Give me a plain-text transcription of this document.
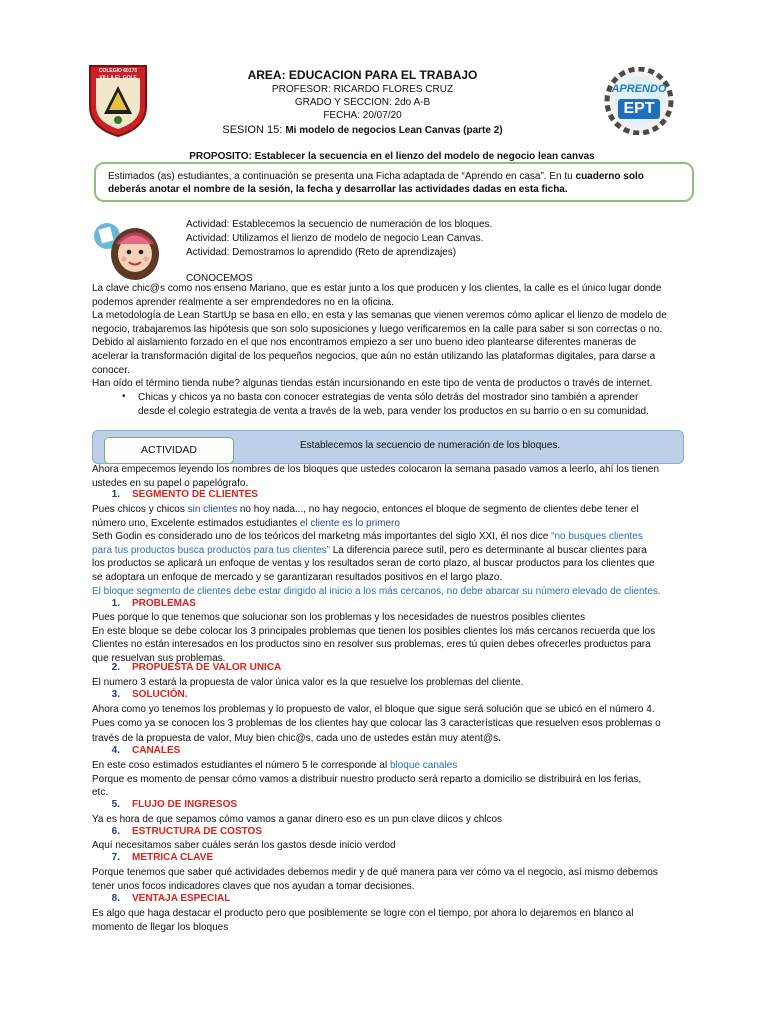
COLEGIO 60175
VILLA EL GOLF	AREA: EDUCACION PARA EL TRABAJO
PROFESOR: RICARDO FLORES CRUZ
GRADO Y SECCION: 2do A-B
FECHA: 20/07/20
SESION 15: Mi modelo de negocios Lean Canvas (parte 2)
APRENDO
EPT
PROPOSITO: Establecer la secuencia en el lienzo del modelo de negocio lean canvas
Estimados (as) estudiantes, a continuación se presenta una Ficha adaptada de “Aprendo en casa”. En tu cuaderno solo deberás anotar el nombre de la sesión, la fecha y desarrollar las actividades dadas en esta ficha.
Actividad: Establecemos la secuencio de numeración de los bloques.
Actividad: Utilizamos el lienzo de modelo de negocio Lean Canvas.
Actividad: Demostramos lo aprendido (Reto de aprendizajes)
CONOCEMOS
La clave chic@s como nos enseno Mariano, que es estar junto a los que producen y los clientes, la calle es el único lugar donde
podemos aprender realmente a ser emprendedores no en la oficina.
La metodología de Lean StartUp se basa en ello, en esta y las semanas que vienen veremos cómo aplicar el lienzo de modelo de
negocio, trabajaremos las hipótesis que son solo suposiciones y luego verificaremos en la calle para saber si son correctas o no.
Debido al aislamiento forzado en el que nos encontramos empiezo a ser uno bueno ideo plantearse diferentes maneras de
acelerar la transformación digital de los pequeños negocios, que aún no están utilizando las plataformas digitales, para darse a
conocer.
Han oído el término tienda nube? algunas tiendas están incursionando en este tipo de venta de productos o través de internet.
• Chicas y chicos ya no basta con conocer estrategias de venta sólo detrás del mostrador sino también a aprender
desde el colegio estrategia de venta a través de la web, para vender los productos en su barrio o en su comunidad.
ACTIVIDAD	Establecemos la secuencio de numeración de los bloques.
Ahora empecemos leyendo los nombres de los bloques que ustedes colocaron la semana pasado vamos a leerlo, ahí los tienen
ustedes en su papel o papelógrafo.
1. SEGMENTO DE CLIENTES
Pues chicos y chicos sin clientes no hoy nada..., no hay negocio, entonces el bloque de segmento de clientes debe tener el
número uno, Excelente estimados estudiantes el cliente es lo primero
Seth Godin es considerado uno de los teóricos del marketng más importantes del siglo XXI, él nos dice “no busques clientes
para tus productos busca productos para tus clientes” La diferencia parece sutil, pero es determinante al buscar clientes para
los productos se aplicará un enfoque de ventas y los resultados seran de corto plazo, al buscar productos para los clientes que
se adoptara un enfoque de mercado y se garantizaran resultados positivos en el largo plazo.
El bloque segmento de clientes debe estar dirigido al inicio a los más cercanos, no debe abarcar su número elevado de clientes.
1. PROBLEMAS
Pues porque lo que tenemos que solucionar son los problemas y los necesidades de nuestros posibles clientes
En este bloque se debe colocar los 3 principales problemas que tienen los posibles clientes los más cercanos recuerda que los
Clientes no están interesados en los productos sino en resolver sus problemas, eres tú quien debes ofrecerles productos para
que resuelvan sus problemas.
2. PROPUESTA DE VALOR UNICA
El numero 3 estará la propuesta de valor única valor es la que resuelve los problemas del cliente.
3. SOLUCIÓN.
Ahora como yo tenemos los problemas y lo propuesto de valor, el bloque que sigue será solución que se ubicó en el número 4.
Pues como ya se conocen los 3 problemas de los clientes hay que colocar las 3 características que resuelven esos problemas o
través de la propuesta de valor, Muy bien chic@s, cada uno de ustedes están muy atent@s.
4. CANALES
En este coso estimados estudiantes el número 5 le corresponde al bloque canales
Porque es momento de pensar cómo vamos a distribuir nuestro producto será reparto a domicilio se distribuirá en los ferias,
etc.
5. FLUJO DE INGRESOS
Ya es hora de que sepamos cómo vamos a ganar dinero eso es un pun clave diicos y chlcos
6. ESTRUCTURA DE COSTOS
Aquí necesitamos saber cuáles serán los gastos desde inicio verdod
7. METRICA CLAVE
Porque tenemos que saber qué actividades debemos medir y de qué manera para ver cómo va el negocio, así mismo debemos
tener unos focos indicadores claves que nos ayudan a tomar decisiones.
8. VENTAJA ESPECIAL
Es algo que haga destacar el producto pero que posiblemente se logre con el tiempo, por ahora lo dejaremos en blanco al
momento de llegar los bloques
